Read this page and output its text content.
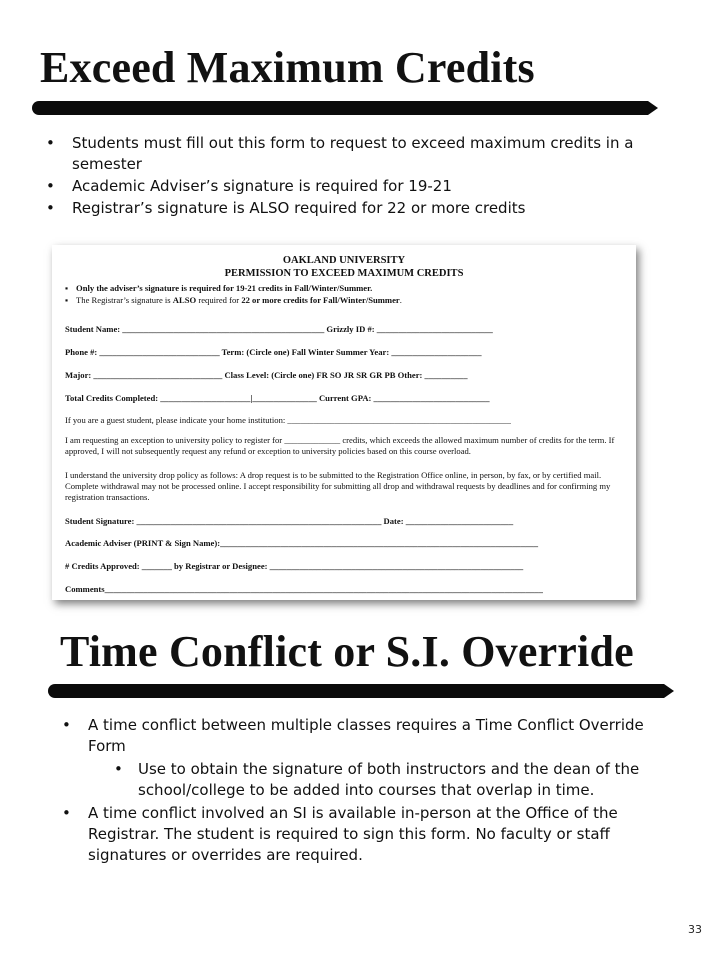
Exceed Maximum Credits
• Students must fill out this form to request to exceed maximum credits in a semester
• Academic Adviser’s signature is required for 19-21
• Registrar’s signature is ALSO required for 22 or more credits
OAKLAND UNIVERSITY
PERMISSION TO EXCEED MAXIMUM CREDITS
▪ Only the adviser’s signature is required for 19-21 credits in Fall/Winter/Summer.
▪ The Registrar’s signature is ALSO required for 22 or more credits for Fall/Winter/Summer.
Student Name: _______________________________________________ Grizzly ID #: ___________________________
Phone #: ____________________________ Term: (Circle one) Fall Winter Summer Year: _____________________
Major: ______________________________ Class Level: (Circle one) FR SO JR SR GR PB Other: __________
Total Credits Completed: _____________________|_______________ Current GPA: ___________________________
If you are a guest student, please indicate your home institution: ____________________________________________________
I am requesting an exception to university policy to register for _____________ credits, which exceeds the allowed maximum number of credits for the term. If approved, I will not subsequently request any refund or exception to university policies based on this course overload.
I understand the university drop policy as follows: A drop request is to be submitted to the Registration Office online, in person, by fax, or by certified mail. Complete withdrawal may not be processed online. I accept responsibility for submitting all drop and withdrawal requests by deadlines and for confirming my registration transactions.
Student Signature: _________________________________________________________ Date: _________________________
Academic Adviser (PRINT & Sign Name):__________________________________________________________________________
# Credits Approved: _______ by Registrar or Designee: ___________________________________________________________
Comments______________________________________________________________________________________________________
Time Conflict or S.I. Override
• A time conflict between multiple classes requires a Time Conflict Override Form
• Use to obtain the signature of both instructors and the dean of the school/college to be added into courses that overlap in time.
• A time conflict involved an SI is available in-person at the Office of the Registrar. The student is required to sign this form. No faculty or staff signatures or overrides are required.
33
